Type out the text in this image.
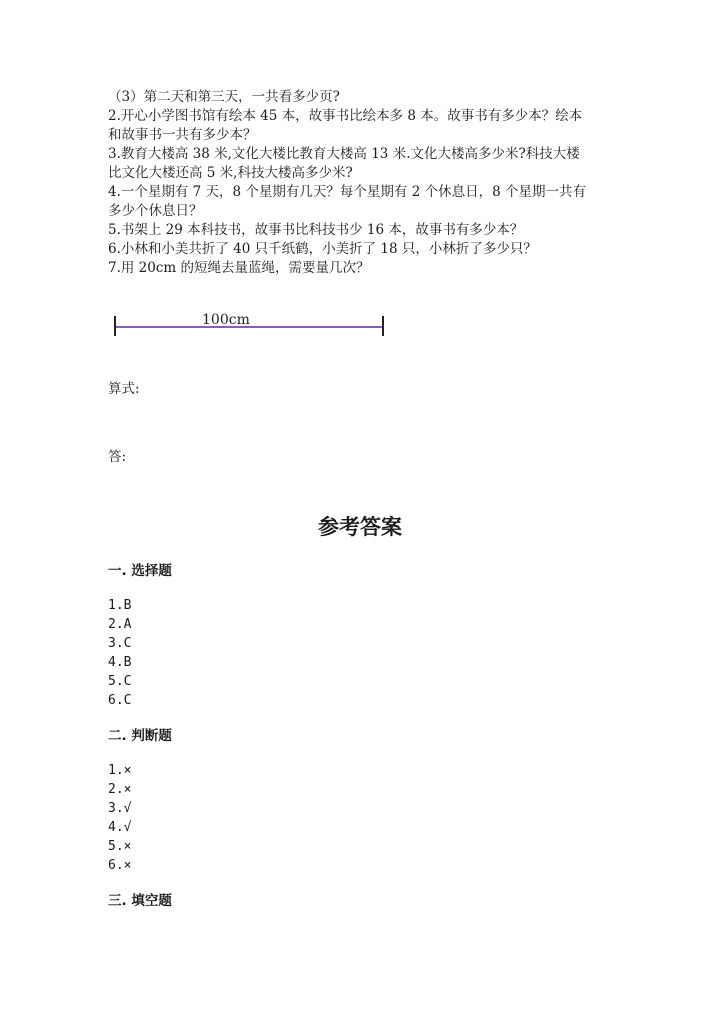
（3）第二天和第三天，一共看多少页?
2.开心小学图书馆有绘本 45 本，故事书比绘本多 8 本。故事书有多少本？绘本
和故事书一共有多少本？
3.教育大楼高 38 米,文化大楼比教育大楼高 13 米.文化大楼高多少米?科技大楼
比文化大楼还高 5 米,科技大楼高多少米?
4.一个星期有 7 天，8 个星期有几天？每个星期有 2 个休息日，8 个星期一共有
多少个休息日？
5.书架上 29 本科技书，故事书比科技书少 16 本，故事书有多少本？
6.小林和小美共折了 40 只千纸鹤，小美折了 18 只，小林折了多少只？
7.用 20cm 的短绳去量蓝绳，需要量几次？
100cm
算式:
答:
参考答案
一. 选择题
1.B
2.A
3.C
4.B
5.C
6.C
二. 判断题
1.×
2.×
3.√
4.√
5.×
6.×
三. 填空题
